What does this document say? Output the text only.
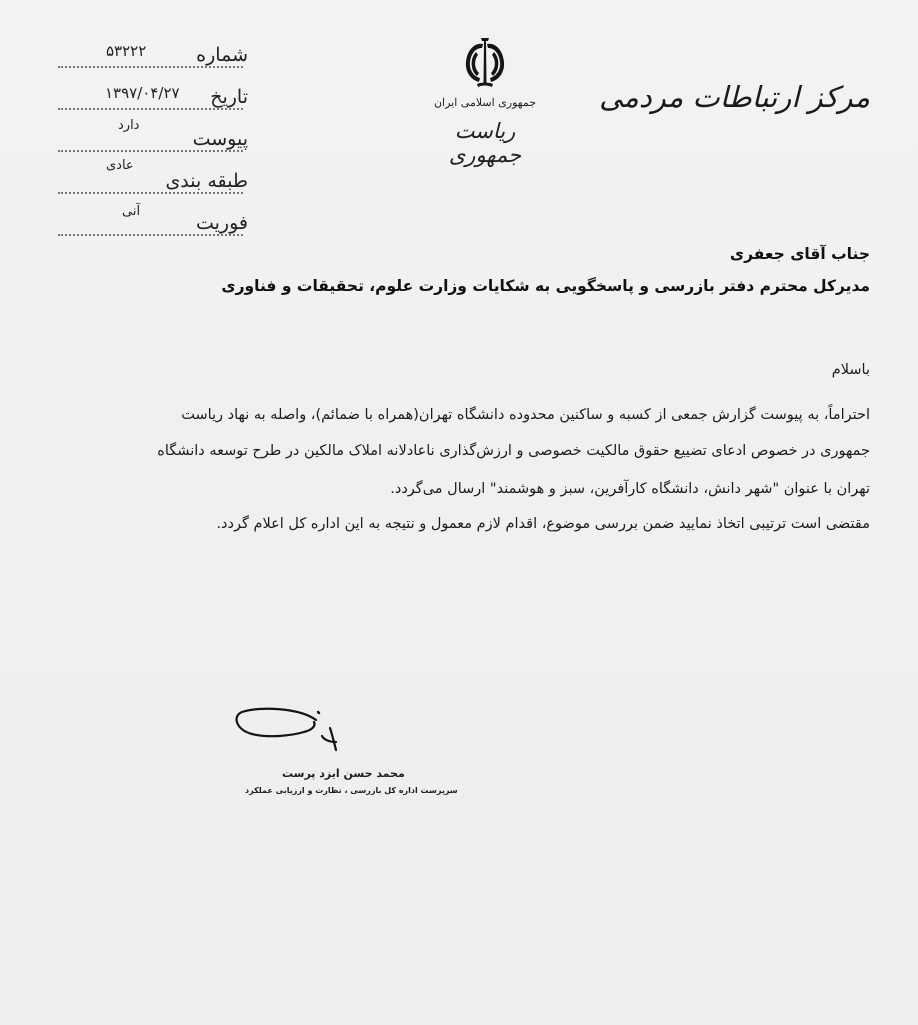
شماره
۵۳۲۲۲
تاریخ
۱۳۹۷/۰۴/۲۷
پیوست
دارد
طبقه بندی
عادی
فوریت
آنی
جمهوری اسلامی ایران
ریاست جمهوری
مرکز ارتباطات مردمی
جناب آقای جعفری
مدیرکل محترم دفتر بازرسی و پاسخگویی به شکایات وزارت علوم، تحقیقات و فناوری
باسلام
احتراماً، به پیوست گزارش جمعی از کسبه و ساکنین محدوده دانشگاه تهران(همراه با ضمائم)، واصله به نهاد ریاست
جمهوری در خصوص ادعای تضییع حقوق مالکیت خصوصی و ارزش‌گذاری ناعادلانه املاک مالکین در طرح توسعه دانشگاه
تهران با عنوان "شهر دانش، دانشگاه کارآفرین، سبز و هوشمند" ارسال می‌گردد.
مقتضی است ترتیبی اتخاذ نمایید ضمن بررسی موضوع، اقدام لازم معمول و نتیجه به این اداره کل اعلام گردد.
محمد حسن ایزد پرست
سرپرست اداره کل بازرسی ، نظارت و ارزیابی عملکرد
